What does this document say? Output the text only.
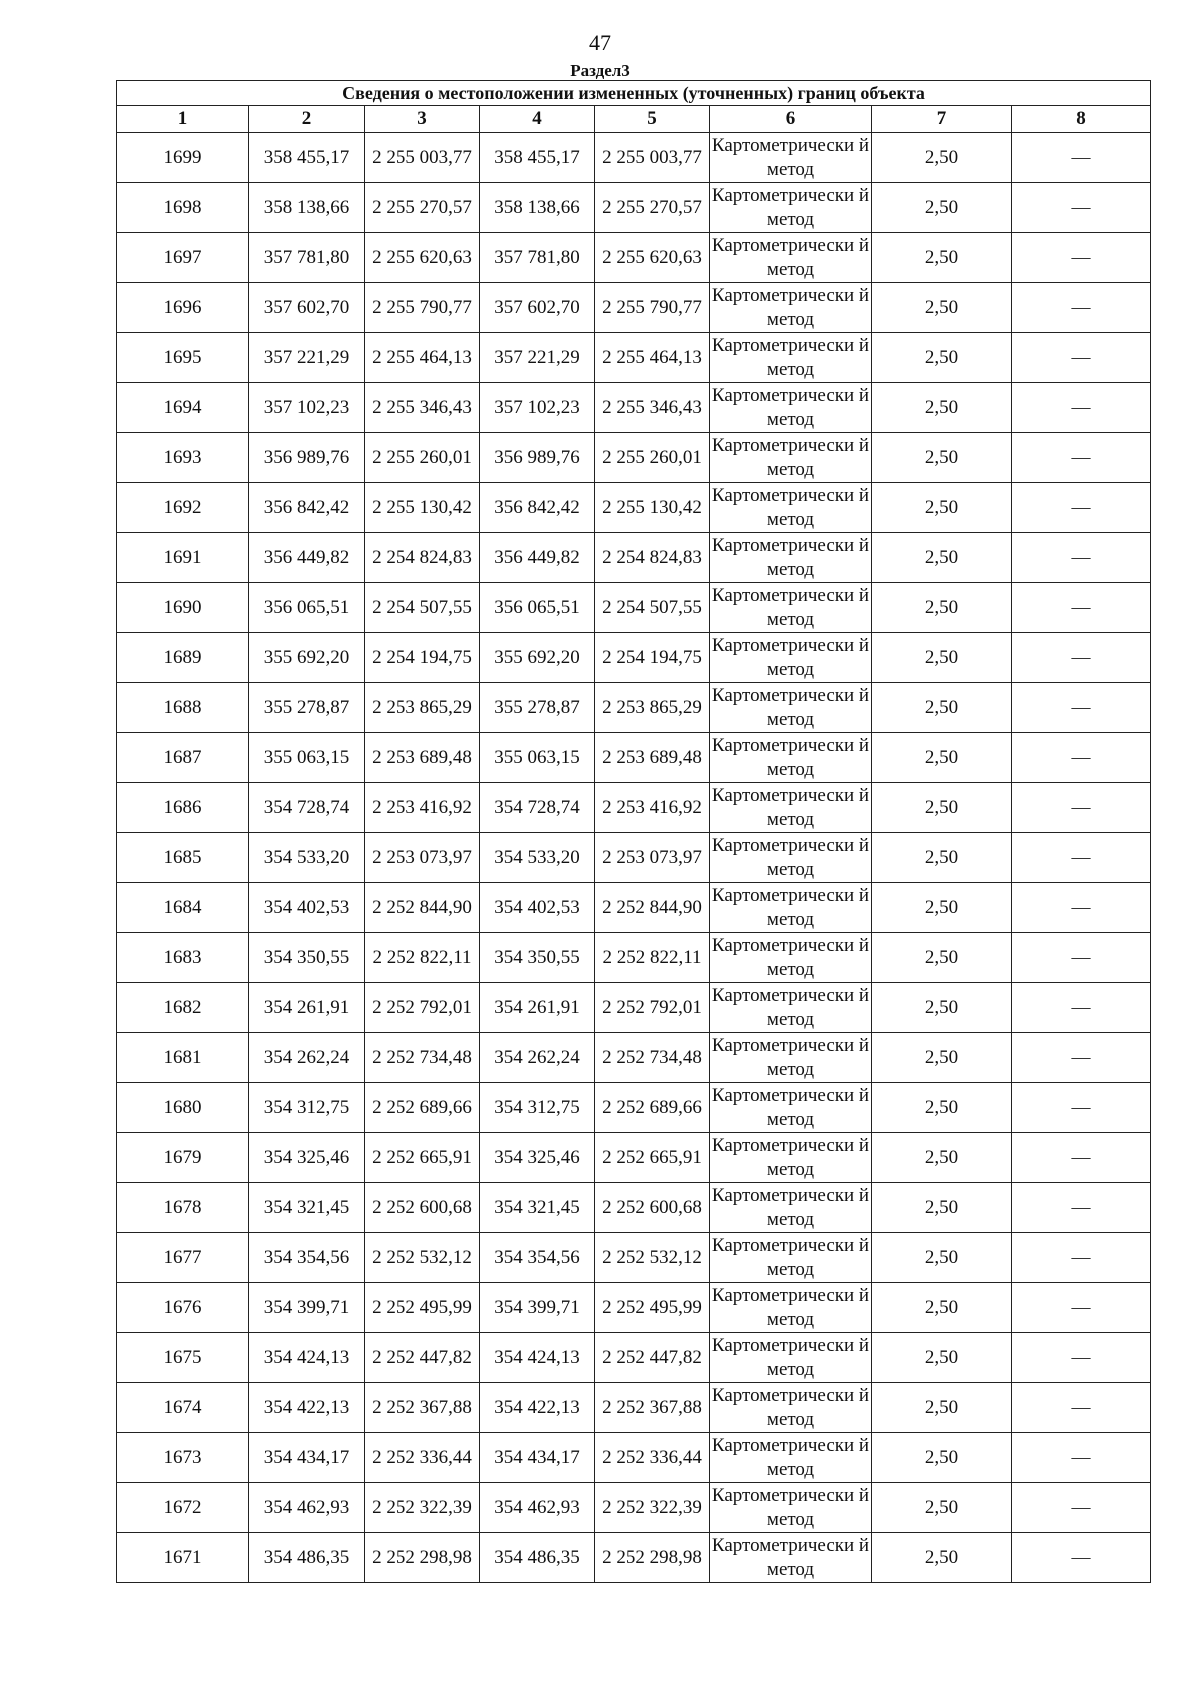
47
Раздел3
Сведения о местоположении измененных (уточненных) границ объекта							
1	2	3	4	5	6	7	8
1699	358 455,17	2 255 003,77	358 455,17	2 255 003,77	Картометрически й метод	2,50	—
1698	358 138,66	2 255 270,57	358 138,66	2 255 270,57	Картометрически й метод	2,50	—
1697	357 781,80	2 255 620,63	357 781,80	2 255 620,63	Картометрически й метод	2,50	—
1696	357 602,70	2 255 790,77	357 602,70	2 255 790,77	Картометрически й метод	2,50	—
1695	357 221,29	2 255 464,13	357 221,29	2 255 464,13	Картометрически й метод	2,50	—
1694	357 102,23	2 255 346,43	357 102,23	2 255 346,43	Картометрически й метод	2,50	—
1693	356 989,76	2 255 260,01	356 989,76	2 255 260,01	Картометрически й метод	2,50	—
1692	356 842,42	2 255 130,42	356 842,42	2 255 130,42	Картометрически й метод	2,50	—
1691	356 449,82	2 254 824,83	356 449,82	2 254 824,83	Картометрически й метод	2,50	—
1690	356 065,51	2 254 507,55	356 065,51	2 254 507,55	Картометрически й метод	2,50	—
1689	355 692,20	2 254 194,75	355 692,20	2 254 194,75	Картометрически й метод	2,50	—
1688	355 278,87	2 253 865,29	355 278,87	2 253 865,29	Картометрически й метод	2,50	—
1687	355 063,15	2 253 689,48	355 063,15	2 253 689,48	Картометрически й метод	2,50	—
1686	354 728,74	2 253 416,92	354 728,74	2 253 416,92	Картометрически й метод	2,50	—
1685	354 533,20	2 253 073,97	354 533,20	2 253 073,97	Картометрически й метод	2,50	—
1684	354 402,53	2 252 844,90	354 402,53	2 252 844,90	Картометрически й метод	2,50	—
1683	354 350,55	2 252 822,11	354 350,55	2 252 822,11	Картометрически й метод	2,50	—
1682	354 261,91	2 252 792,01	354 261,91	2 252 792,01	Картометрически й метод	2,50	—
1681	354 262,24	2 252 734,48	354 262,24	2 252 734,48	Картометрически й метод	2,50	—
1680	354 312,75	2 252 689,66	354 312,75	2 252 689,66	Картометрически й метод	2,50	—
1679	354 325,46	2 252 665,91	354 325,46	2 252 665,91	Картометрически й метод	2,50	—
1678	354 321,45	2 252 600,68	354 321,45	2 252 600,68	Картометрически й метод	2,50	—
1677	354 354,56	2 252 532,12	354 354,56	2 252 532,12	Картометрически й метод	2,50	—
1676	354 399,71	2 252 495,99	354 399,71	2 252 495,99	Картометрически й метод	2,50	—
1675	354 424,13	2 252 447,82	354 424,13	2 252 447,82	Картометрически й метод	2,50	—
1674	354 422,13	2 252 367,88	354 422,13	2 252 367,88	Картометрически й метод	2,50	—
1673	354 434,17	2 252 336,44	354 434,17	2 252 336,44	Картометрически й метод	2,50	—
1672	354 462,93	2 252 322,39	354 462,93	2 252 322,39	Картометрически й метод	2,50	—
1671	354 486,35	2 252 298,98	354 486,35	2 252 298,98	Картометрически й метод	2,50	—
